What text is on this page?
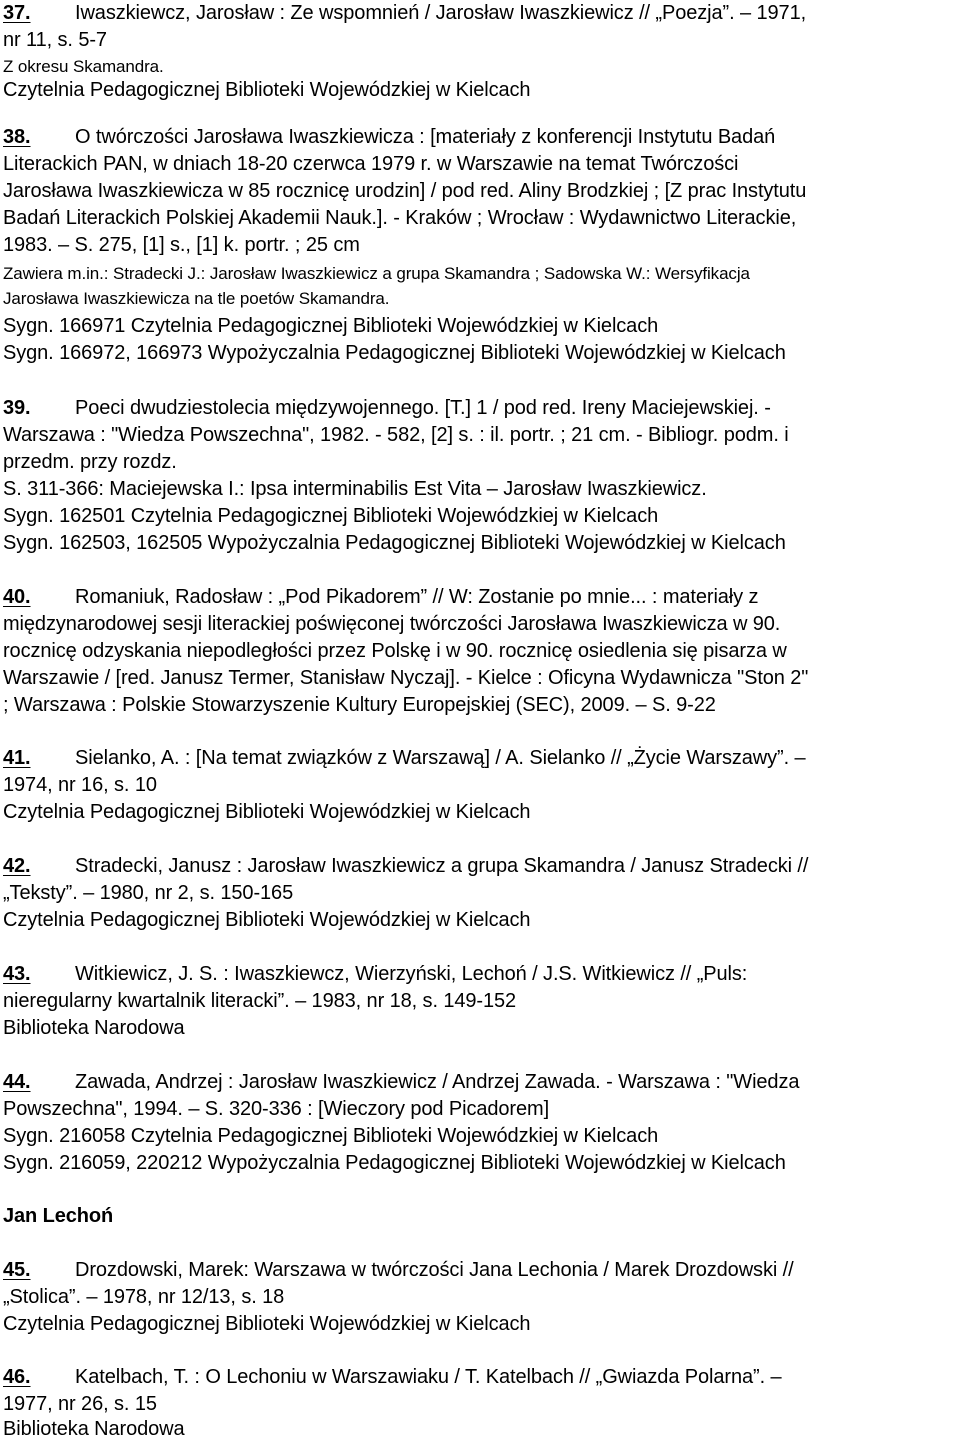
37. Iwaszkiewcz, Jarosław : Ze wspomnień / Jarosław Iwaszkiewicz // „Poezja”. – 1971,
nr 11, s. 5-7
Z okresu Skamandra.
Czytelnia Pedagogicznej Biblioteki Wojewódzkiej w Kielcach
38. O twórczości Jarosława Iwaszkiewicza : [materiały z konferencji Instytutu Badań
Literackich PAN, w dniach 18-20 czerwca 1979 r. w Warszawie na temat Twórczości
Jarosława Iwaszkiewicza w 85 rocznicę urodzin] / pod red. Aliny Brodzkiej ; [Z prac Instytutu
Badań Literackich Polskiej Akademii Nauk.]. - Kraków ; Wrocław : Wydawnictwo Literackie,
1983. – S. 275, [1] s., [1] k. portr. ; 25 cm
Zawiera m.in.: Stradecki J.: Jarosław Iwaszkiewicz a grupa Skamandra ; Sadowska W.: Wersyfikacja
Jarosława Iwaszkiewicza na tle poetów Skamandra.
Sygn. 166971 Czytelnia Pedagogicznej Biblioteki Wojewódzkiej w Kielcach
Sygn. 166972, 166973 Wypożyczalnia Pedagogicznej Biblioteki Wojewódzkiej w Kielcach
39. Poeci dwudziestolecia międzywojennego. [T.] 1 / pod red. Ireny Maciejewskiej. -
Warszawa : "Wiedza Powszechna", 1982. - 582, [2] s. : il. portr. ; 21 cm. - Bibliogr. podm. i
przedm. przy rozdz.
S. 311-366: Maciejewska I.: Ipsa interminabilis Est Vita – Jarosław Iwaszkiewicz.
Sygn. 162501 Czytelnia Pedagogicznej Biblioteki Wojewódzkiej w Kielcach
Sygn. 162503, 162505 Wypożyczalnia Pedagogicznej Biblioteki Wojewódzkiej w Kielcach
40. Romaniuk, Radosław : „Pod Pikadorem” // W: Zostanie po mnie... : materiały z
międzynarodowej sesji literackiej poświęconej twórczości Jarosława Iwaszkiewicza w 90.
rocznicę odzyskania niepodległości przez Polskę i w 90. rocznicę osiedlenia się pisarza w
Warszawie / [red. Janusz Termer, Stanisław Nyczaj]. - Kielce : Oficyna Wydawnicza "Ston 2"
; Warszawa : Polskie Stowarzyszenie Kultury Europejskiej (SEC), 2009. – S. 9-22
41. Sielanko, A. : [Na temat związków z Warszawą] / A. Sielanko // „Życie Warszawy”. –
1974, nr 16, s. 10
Czytelnia Pedagogicznej Biblioteki Wojewódzkiej w Kielcach
42. Stradecki, Janusz : Jarosław Iwaszkiewicz a grupa Skamandra / Janusz Stradecki //
„Teksty”. – 1980, nr 2, s. 150-165
Czytelnia Pedagogicznej Biblioteki Wojewódzkiej w Kielcach
43. Witkiewicz, J. S. : Iwaszkiewcz, Wierzyński, Lechoń / J.S. Witkiewicz // „Puls:
nieregularny kwartalnik literacki”. – 1983, nr 18, s. 149-152
Biblioteka Narodowa
44. Zawada, Andrzej : Jarosław Iwaszkiewicz / Andrzej Zawada. - Warszawa : "Wiedza
Powszechna", 1994. – S. 320-336 : [Wieczory pod Picadorem]
Sygn. 216058 Czytelnia Pedagogicznej Biblioteki Wojewódzkiej w Kielcach
Sygn. 216059, 220212 Wypożyczalnia Pedagogicznej Biblioteki Wojewódzkiej w Kielcach
Jan Lechoń
45. Drozdowski, Marek: Warszawa w twórczości Jana Lechonia / Marek Drozdowski //
„Stolica”. – 1978, nr 12/13, s. 18
Czytelnia Pedagogicznej Biblioteki Wojewódzkiej w Kielcach
46. Katelbach, T. : O Lechoniu w Warszawiaku / T. Katelbach // „Gwiazda Polarna”. –
1977, nr 26, s. 15
Biblioteka Narodowa
